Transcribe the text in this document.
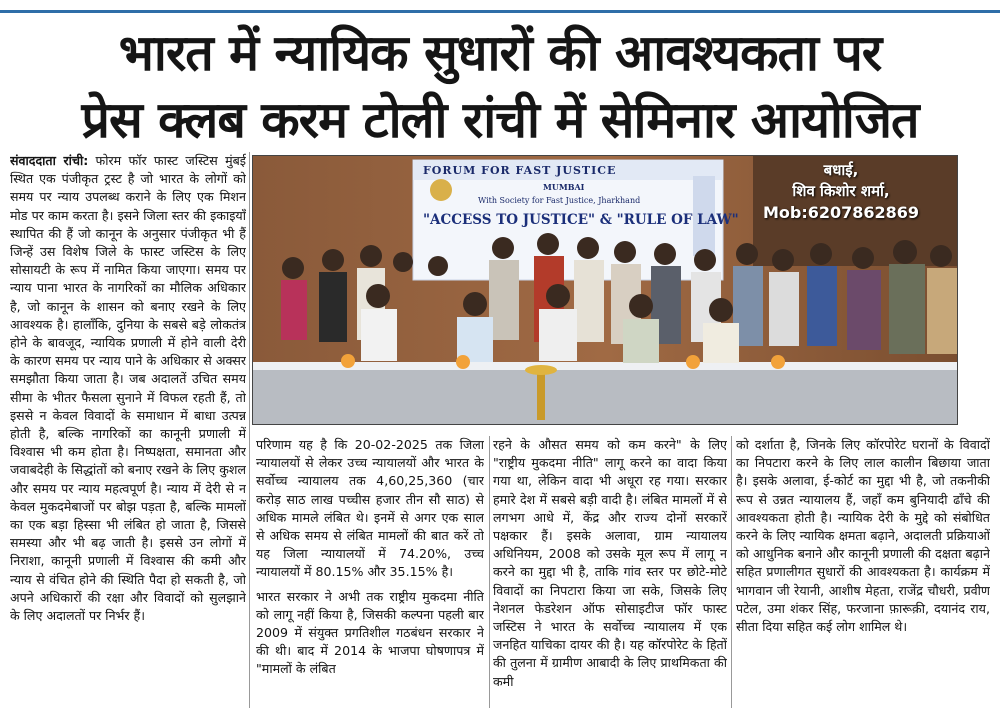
भारत में न्यायिक सुधारों की आवश्यकता पर
प्रेस क्लब करम टोली रांची में सेमिनार आयोजित

संवाददाता रांची: फोरम फॉर फास्ट जस्टिस मुंबई स्थित एक पंजीकृत ट्रस्ट है जो भारत के लोगों को समय पर न्याय उपलब्ध कराने के लिए एक मिशन मोड पर काम करता है। इसने जिला स्तर की इकाइयाँ स्थापित की हैं जो कानून के अनुसार पंजीकृत भी हैं जिन्हें उस विशेष जिले के फास्ट जस्टिस के लिए सोसायटी के रूप में नामित किया जाएगा। समय पर न्याय पाना भारत के नागरिकों का मौलिक अधिकार है, जो कानून के शासन को बनाए रखने के लिए आवश्यक है। हालाँकि, दुनिया के सबसे बड़े लोकतंत्र होने के बावजूद, न्यायिक प्रणाली में होने वाली देरी के कारण समय पर न्याय पाने के अधिकार से अक्सर समझौता किया जाता है। जब अदालतें उचित समय सीमा के भीतर फैसला सुनाने में विफल रहती हैं, तो इससे न केवल विवादों के समाधान में बाधा उत्पन्न होती है, बल्कि नागरिकों का कानूनी प्रणाली में विश्वास भी कम होता है। निष्पक्षता, समानता और जवाबदेही के सिद्धांतों को बनाए रखने के लिए कुशल और समय पर न्याय महत्वपूर्ण है। न्याय में देरी से न केवल मुकदमेबाजों पर बोझ पड़ता है, बल्कि मामलों का एक बड़ा हिस्सा भी लंबित हो जाता है, जिससे समस्या और भी बढ़ जाती है। इससे उन लोगों में निराशा, कानूनी प्रणाली में विश्वास की कमी और न्याय से वंचित होने की स्थिति पैदा हो सकती है, जो अपने अधिकारों की रक्षा और विवादों को सुलझाने के लिए अदालतों पर निर्भर हैं।

FORUM FOR FAST JUSTICE
MUMBAI
With Society for Fast Justice, Jharkhand
"ACCESS TO JUSTICE" & "RULE OF LAW"
बधाई,
शिव किशोर शर्मा,
Mob:6207862869

परिणाम यह है कि 20-02-2025 तक जिला न्यायालयों से लेकर उच्च न्यायालयों और भारत के सर्वोच्च न्यायालय तक 4,60,25,360 (चार करोड़ साठ लाख पच्चीस हजार तीन सौ साठ) से अधिक मामले लंबित थे। इनमें से अगर एक साल से अधिक समय से लंबित मामलों की बात करें तो यह जिला न्यायालयों में 74.20%, उच्च न्यायालयों में 80.15% और 35.15% है।

भारत सरकार ने अभी तक राष्ट्रीय मुकदमा नीति को लागू नहीं किया है, जिसकी कल्पना पहली बार 2009 में संयुक्त प्रगतिशील गठबंधन सरकार ने की थी। बाद में 2014 के भाजपा घोषणापत्र में "मामलों के लंबित

रहने के औसत समय को कम करने" के लिए "राष्ट्रीय मुकदमा नीति" लागू करने का वादा किया गया था, लेकिन वादा भी अधूरा रह गया। सरकार हमारे देश में सबसे बड़ी वादी है। लंबित मामलों में से लगभग आधे में, केंद्र और राज्य दोनों सरकारें पक्षकार हैं। इसके अलावा, ग्राम न्यायालय अधिनियम, 2008 को उसके मूल रूप में लागू न करने का मुद्दा भी है, ताकि गांव स्तर पर छोटे-मोटे विवादों का निपटारा किया जा सके, जिसके लिए नेशनल फेडरेशन ऑफ सोसाइटीज फॉर फास्ट जस्टिस ने भारत के सर्वोच्च न्यायालय में एक जनहित याचिका दायर की है। यह कॉरपोरेट के हितों की तुलना में ग्रामीण आबादी के लिए प्राथमिकता की कमी

को दर्शाता है, जिनके लिए कॉरपोरेट घरानों के विवादों का निपटारा करने के लिए लाल कालीन बिछाया जाता है। इसके अलावा, ई-कोर्ट का मुद्दा भी है, जो तकनीकी रूप से उन्नत न्यायालय हैं, जहाँ कम बुनियादी ढाँचे की आवश्यकता होती है। न्यायिक देरी के मुद्दे को संबोधित करने के लिए न्यायिक क्षमता बढ़ाने, अदालती प्रक्रियाओं को आधुनिक बनाने और कानूनी प्रणाली की दक्षता बढ़ाने सहित प्रणालीगत सुधारों की आवश्यकता है। कार्यक्रम में भागवान जी रेयानी, आशीष मेहता, राजेंद्र चौधरी, प्रवीण पटेल, उमा शंकर सिंह, फरजाना फ़ारूक़ी, दयानंद राय, सीता दिया सहित कई लोग शामिल थे।
